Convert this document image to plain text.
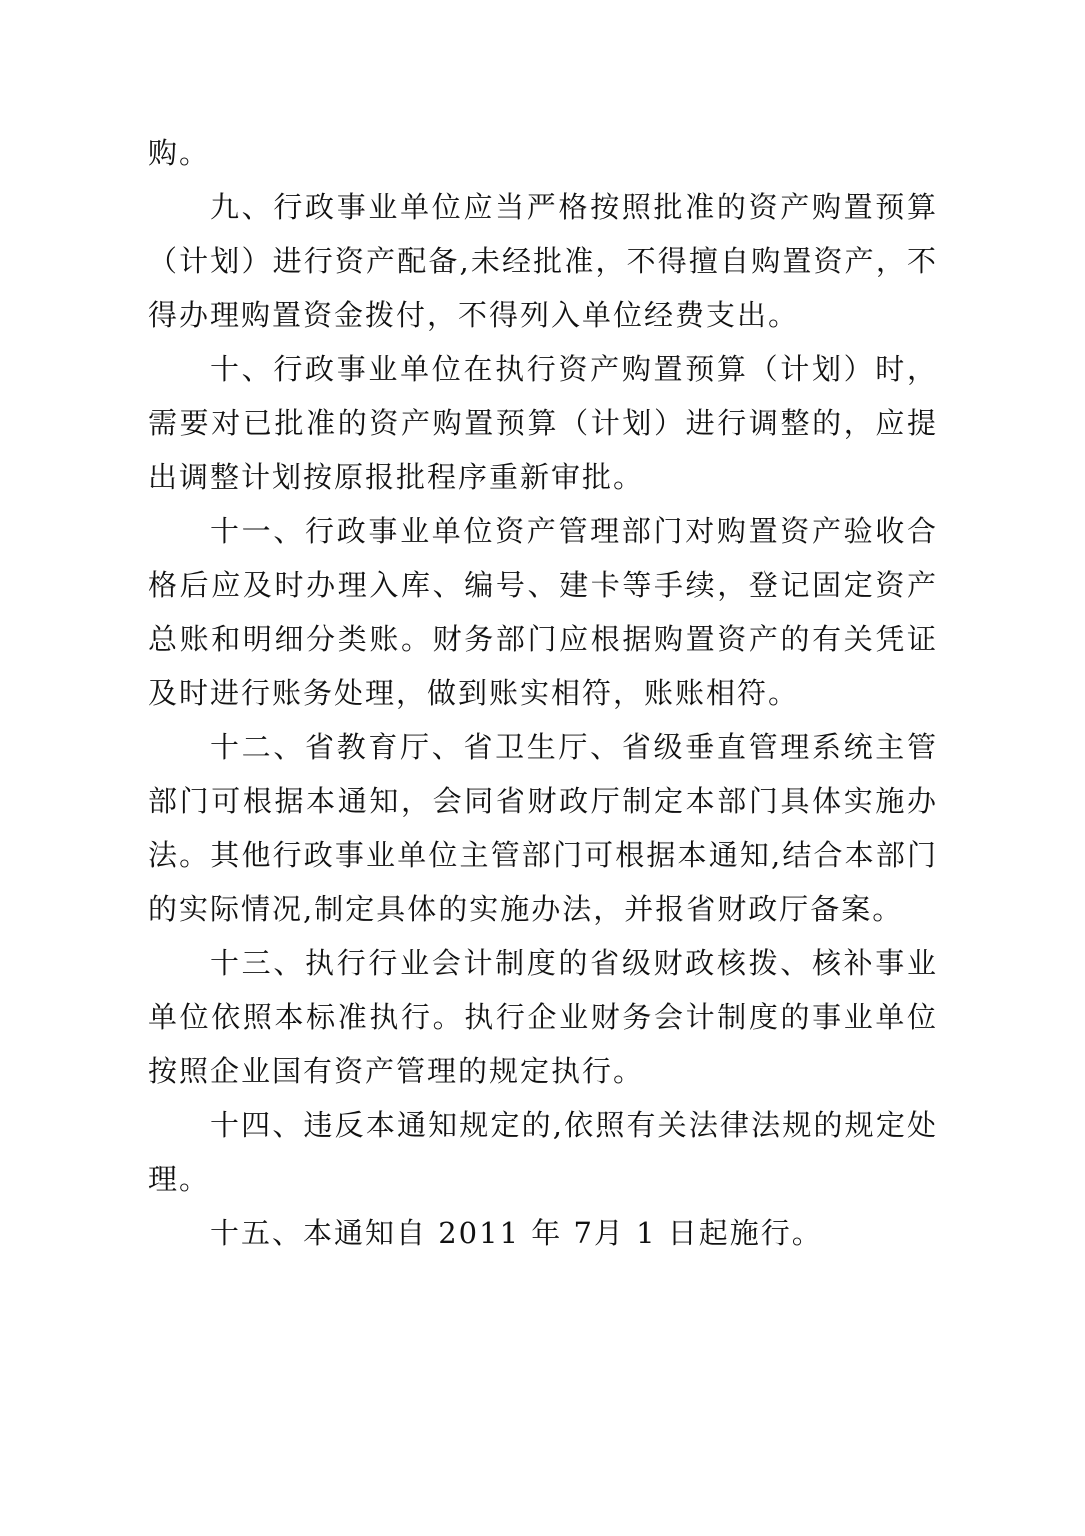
购。

九、行政事业单位应当严格按照批准的资产购置预算（计划）进行资产配备,未经批准，不得擅自购置资产，不得办理购置资金拨付，不得列入单位经费支出。

十、行政事业单位在执行资产购置预算（计划）时，需要对已批准的资产购置预算（计划）进行调整的，应提出调整计划按原报批程序重新审批。

十一、行政事业单位资产管理部门对购置资产验收合格后应及时办理入库、编号、建卡等手续，登记固定资产总账和明细分类账。财务部门应根据购置资产的有关凭证及时进行账务处理，做到账实相符，账账相符。

十二、省教育厅、省卫生厅、省级垂直管理系统主管部门可根据本通知，会同省财政厅制定本部门具体实施办法。其他行政事业单位主管部门可根据本通知,结合本部门的实际情况,制定具体的实施办法，并报省财政厅备案。

十三、执行行业会计制度的省级财政核拨、核补事业单位依照本标准执行。执行企业财务会计制度的事业单位按照企业国有资产管理的规定执行。

十四、违反本通知规定的,依照有关法律法规的规定处理。

十五、本通知自 2011 年 7月 1 日起施行。
